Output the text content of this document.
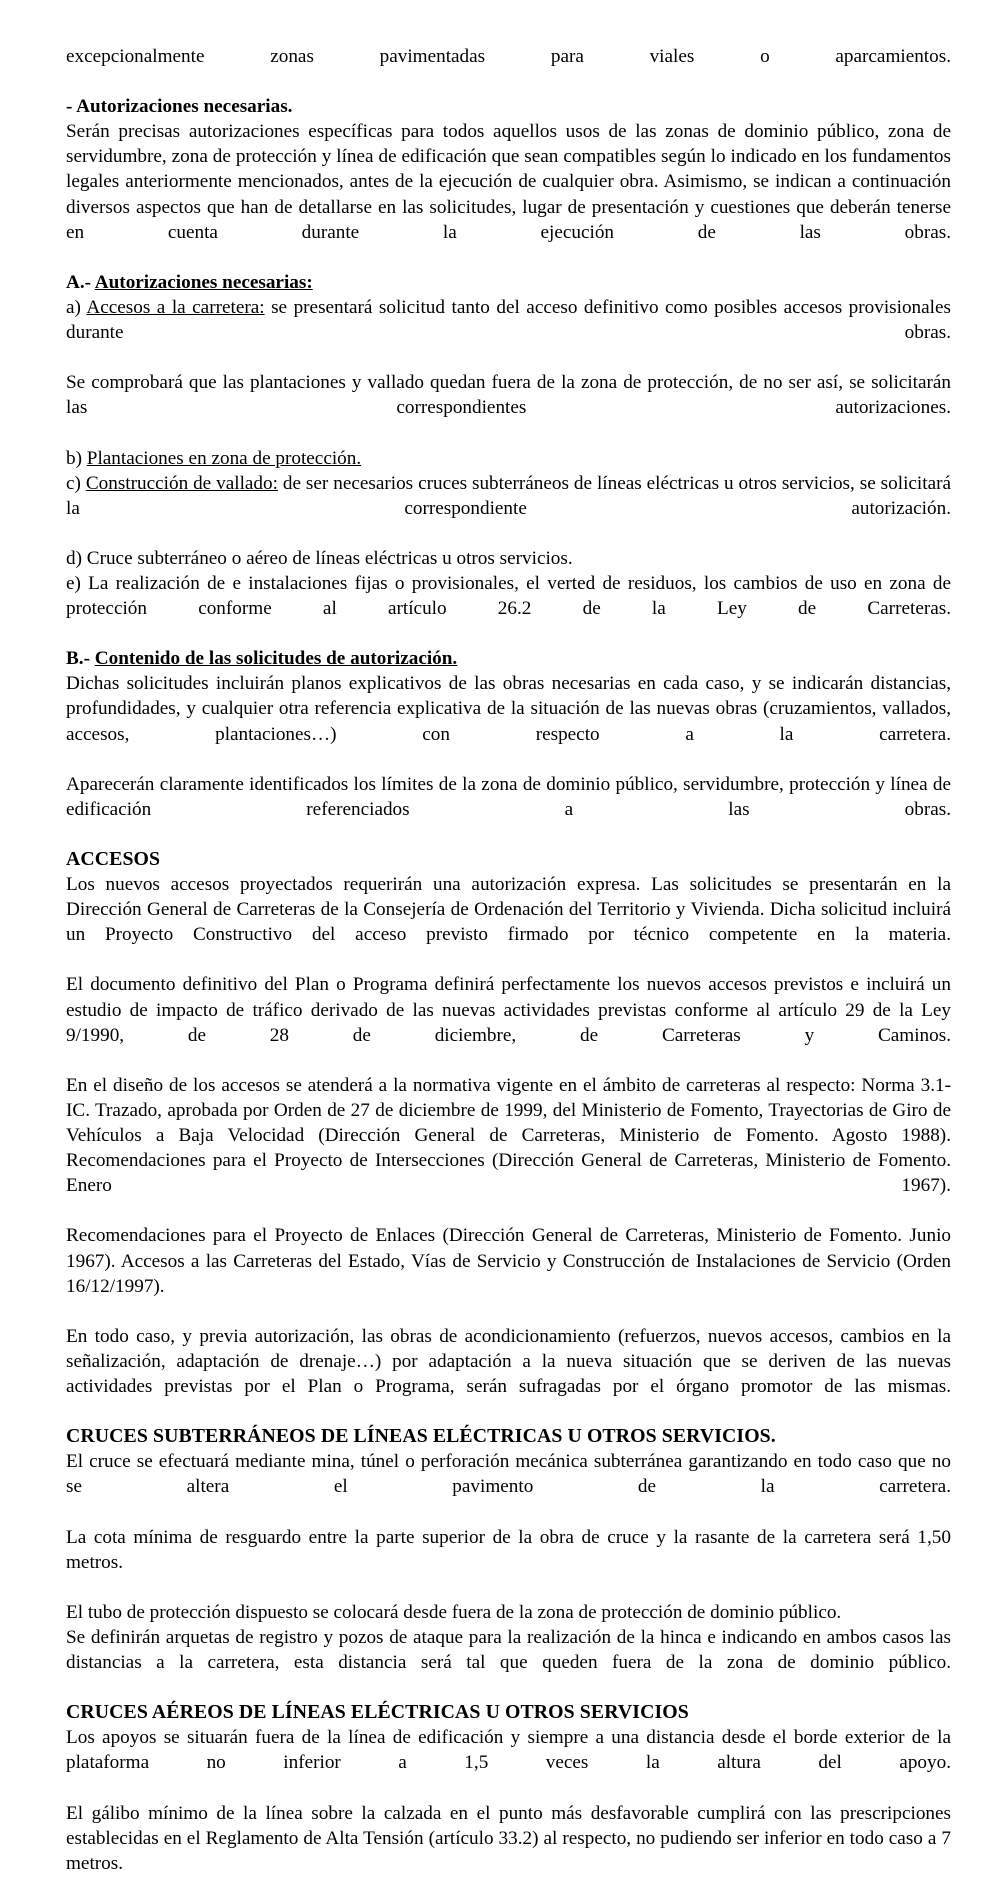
excepcionalmente zonas pavimentadas para viales o aparcamientos.

- Autorizaciones necesarias.

Serán precisas autorizaciones específicas para todos aquellos usos de las zonas de dominio público, zona de servidumbre, zona de protección y línea de edificación que sean compatibles según lo indicado en los fundamentos legales anteriormente mencionados, antes de la ejecución de cualquier obra. Asimismo, se indican a continuación diversos aspectos que han de detallarse en las solicitudes, lugar de presentación y cuestiones que deberán tenerse en cuenta durante la ejecución de las obras.

A.- Autorizaciones necesarias:

a) Accesos a la carretera: se presentará solicitud tanto del acceso definitivo como posibles accesos provisionales durante obras.

Se comprobará que las plantaciones y vallado quedan fuera de la zona de protección, de no ser así, se solicitarán las correspondientes autorizaciones.

b) Plantaciones en zona de protección.

c) Construcción de vallado: de ser necesarios cruces subterráneos de líneas eléctricas u otros servicios, se solicitará la correspondiente autorización.

d) Cruce subterráneo o aéreo de líneas eléctricas u otros servicios.

e) La realización de e instalaciones fijas o provisionales, el verted de residuos, los cambios de uso en zona de protección conforme al artículo 26.2 de la Ley de Carreteras.

B.- Contenido de las solicitudes de autorización.

Dichas solicitudes incluirán planos explicativos de las obras necesarias en cada caso, y se indicarán distancias, profundidades, y cualquier otra referencia explicativa de la situación de las nuevas obras (cruzamientos, vallados, accesos, plantaciones…) con respecto a la carretera.

Aparecerán claramente identificados los límites de la zona de dominio público, servidumbre, protección y línea de edificación referenciados a las obras.

ACCESOS

Los nuevos accesos proyectados requerirán una autorización expresa. Las solicitudes se presentarán en la Dirección General de Carreteras de la Consejería de Ordenación del Territorio y Vivienda. Dicha solicitud incluirá un Proyecto Constructivo del acceso previsto firmado por técnico competente en la materia.

El documento definitivo del Plan o Programa definirá perfectamente los nuevos accesos previstos e incluirá un estudio de impacto de tráfico derivado de las nuevas actividades previstas conforme al artículo 29 de la Ley 9/1990, de 28 de diciembre, de Carreteras y Caminos.

En el diseño de los accesos se atenderá a la normativa vigente en el ámbito de carreteras al respecto: Norma 3.1-IC. Trazado, aprobada por Orden de 27 de diciembre de 1999, del Ministerio de Fomento, Trayectorias de Giro de Vehículos a Baja Velocidad (Dirección General de Carreteras, Ministerio de Fomento. Agosto 1988). Recomendaciones para el Proyecto de Intersecciones (Dirección General de Carreteras, Ministerio de Fomento. Enero 1967).

Recomendaciones para el Proyecto de Enlaces (Dirección General de Carreteras, Ministerio de Fomento. Junio 1967). Accesos a las Carreteras del Estado, Vías de Servicio y Construcción de Instalaciones de Servicio (Orden 16/12/1997).

En todo caso, y previa autorización, las obras de acondicionamiento (refuerzos, nuevos accesos, cambios en la señalización, adaptación de drenaje…) por adaptación a la nueva situación que se deriven de las nuevas actividades previstas por el Plan o Programa, serán sufragadas por el órgano promotor de las mismas.

CRUCES SUBTERRÁNEOS DE LÍNEAS ELÉCTRICAS U OTROS SERVICIOS.

El cruce se efectuará mediante mina, túnel o perforación mecánica subterránea garantizando en todo caso que no se altera el pavimento de la carretera.

La cota mínima de resguardo entre la parte superior de la obra de cruce y la rasante de la carretera será 1,50 metros.

El tubo de protección dispuesto se colocará desde fuera de la zona de protección de dominio público.

Se definirán arquetas de registro y pozos de ataque para la realización de la hinca e indicando en ambos casos las distancias a la carretera, esta distancia será tal que queden fuera de la zona de dominio público.

CRUCES AÉREOS DE LÍNEAS ELÉCTRICAS U OTROS SERVICIOS

Los apoyos se situarán fuera de la línea de edificación y siempre a una distancia desde el borde exterior de la plataforma no inferior a 1,5 veces la altura del apoyo.

El gálibo mínimo de la línea sobre la calzada en el punto más desfavorable cumplirá con las prescripciones establecidas en el Reglamento de Alta Tensión (artículo 33.2) al respecto, no pudiendo ser inferior en todo caso a 7 metros.
